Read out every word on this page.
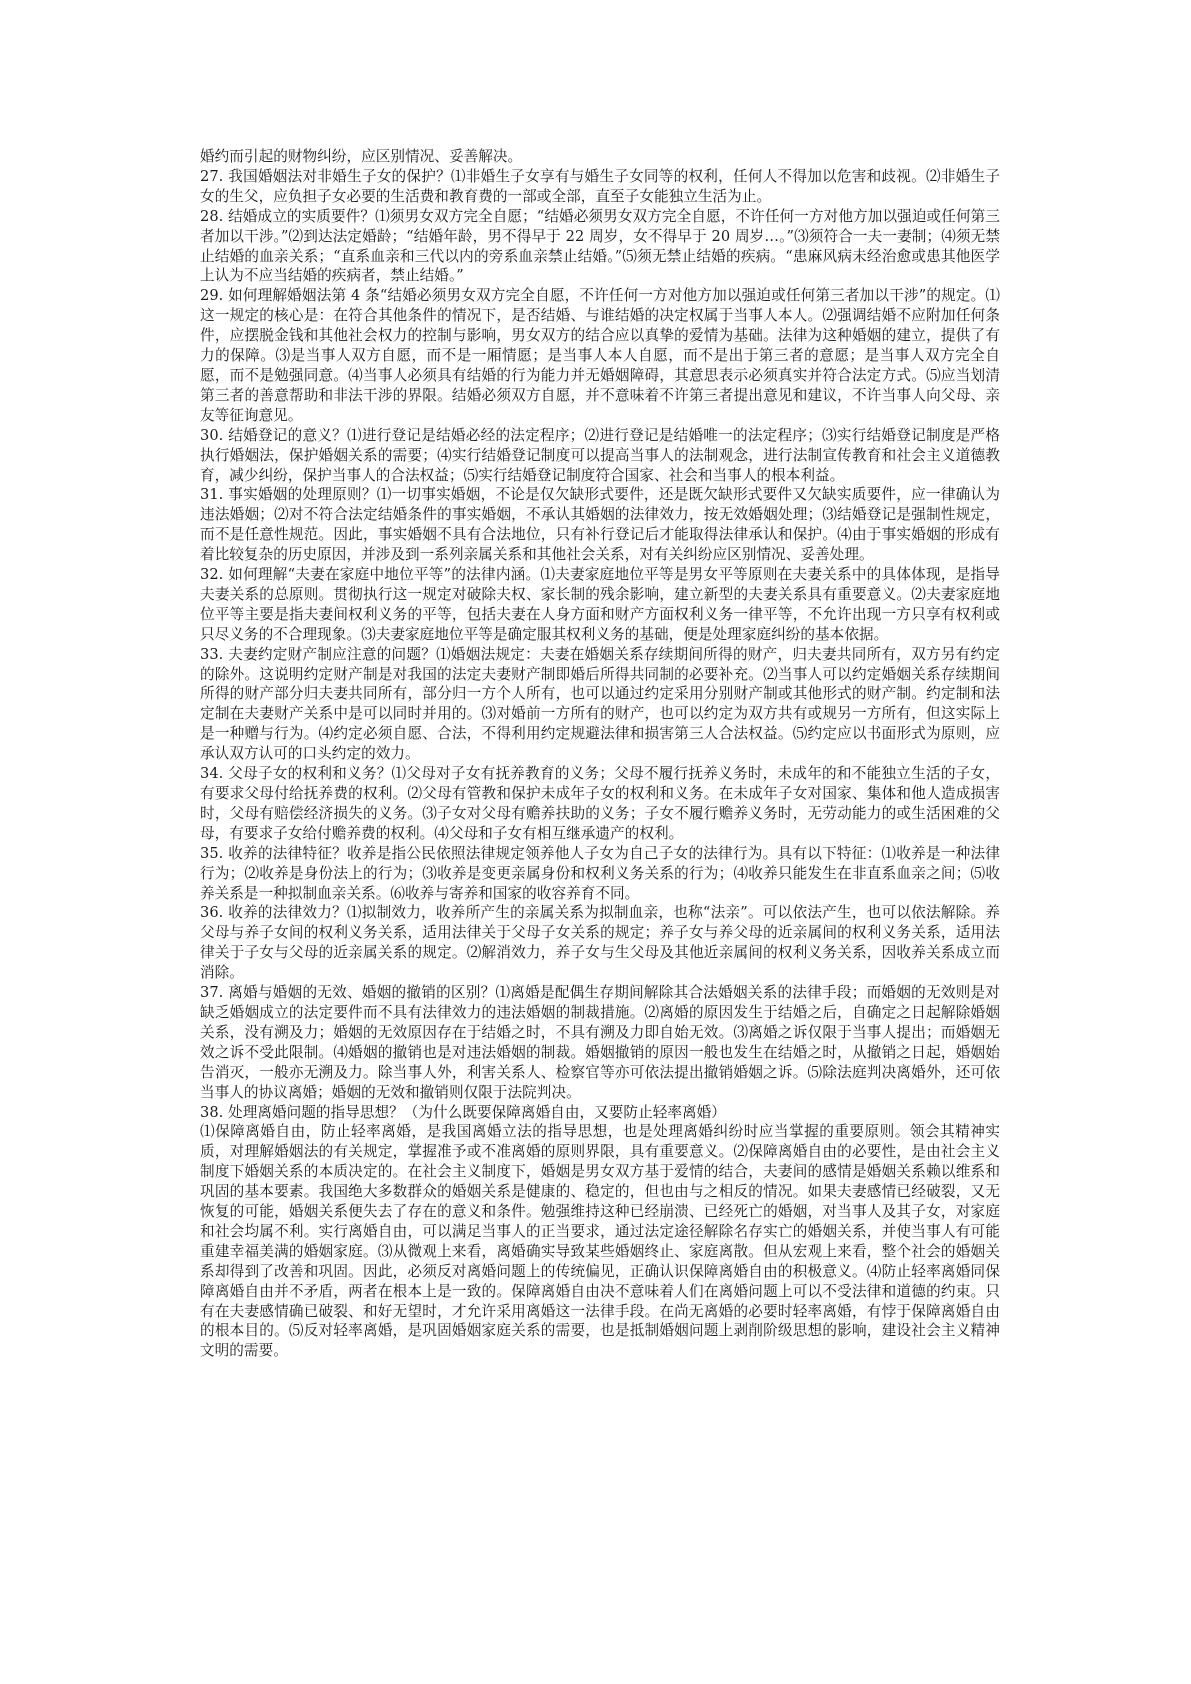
婚约而引起的财物纠纷，应区别情况、妥善解决。

27. 我国婚姻法对非婚生子女的保护？⑴非婚生子女享有与婚生子女同等的权利，任何人不得加以危害和歧视。⑵非婚生子女的生父，应负担子女必要的生活费和教育费的一部或全部，直至子女能独立生活为止。

28. 结婚成立的实质要件？⑴须男女双方完全自愿；“结婚必须男女双方完全自愿，不许任何一方对他方加以强迫或任何第三者加以干涉。”⑵到达法定婚龄；“结婚年龄，男不得早于 22 周岁，女不得早于 20 周岁…。”⑶须符合一夫一妻制；⑷须无禁止结婚的血亲关系；“直系血亲和三代以内的旁系血亲禁止结婚。”⑸须无禁止结婚的疾病。“患麻风病未经治愈或患其他医学上认为不应当结婚的疾病者，禁止结婚。”

29. 如何理解婚姻法第 4 条“结婚必须男女双方完全自愿，不许任何一方对他方加以强迫或任何第三者加以干涉”的规定。⑴这一规定的核心是：在符合其他条件的情况下，是否结婚、与谁结婚的决定权属于当事人本人。⑵强调结婚不应附加任何条件，应摆脱金钱和其他社会权力的控制与影响，男女双方的结合应以真挚的爱情为基础。法律为这种婚姻的建立，提供了有力的保障。⑶是当事人双方自愿，而不是一厢情愿；是当事人本人自愿，而不是出于第三者的意愿；是当事人双方完全自愿，而不是勉强同意。⑷当事人必须具有结婚的行为能力并无婚姻障碍，其意思表示必须真实并符合法定方式。⑸应当划清第三者的善意帮助和非法干涉的界限。结婚必须双方自愿，并不意味着不许第三者提出意见和建议，不许当事人向父母、亲友等征询意见。

30. 结婚登记的意义？⑴进行登记是结婚必经的法定程序；⑵进行登记是结婚唯一的法定程序；⑶实行结婚登记制度是严格执行婚姻法，保护婚姻关系的需要；⑷实行结婚登记制度可以提高当事人的法制观念，进行法制宣传教育和社会主义道德教育，减少纠纷，保护当事人的合法权益；⑸实行结婚登记制度符合国家、社会和当事人的根本利益。

31. 事实婚姻的处理原则？⑴一切事实婚姻，不论是仅欠缺形式要件，还是既欠缺形式要件又欠缺实质要件，应一律确认为违法婚姻；⑵对不符合法定结婚条件的事实婚姻，不承认其婚姻的法律效力，按无效婚姻处理；⑶结婚登记是强制性规定，而不是任意性规范。因此，事实婚姻不具有合法地位，只有补行登记后才能取得法律承认和保护。⑷由于事实婚姻的形成有着比较复杂的历史原因，并涉及到一系列亲属关系和其他社会关系，对有关纠纷应区别情况、妥善处理。

32. 如何理解“夫妻在家庭中地位平等”的法律内涵。⑴夫妻家庭地位平等是男女平等原则在夫妻关系中的具体体现，是指导夫妻关系的总原则。贯彻执行这一规定对破除夫权、家长制的残余影响，建立新型的夫妻关系具有重要意义。⑵夫妻家庭地位平等主要是指夫妻间权利义务的平等，包括夫妻在人身方面和财产方面权利义务一律平等，不允许出现一方只享有权利或只尽义务的不合理现象。⑶夫妻家庭地位平等是确定服其权利义务的基础，便是处理家庭纠纷的基本依据。

33. 夫妻约定财产制应注意的问题？⑴婚姻法规定：夫妻在婚姻关系存续期间所得的财产，归夫妻共同所有，双方另有约定的除外。这说明约定财产制是对我国的法定夫妻财产制即婚后所得共同制的必要补充。⑵当事人可以约定婚姻关系存续期间所得的财产部分归夫妻共同所有，部分归一方个人所有，也可以通过约定采用分别财产制或其他形式的财产制。约定制和法定制在夫妻财产关系中是可以同时并用的。⑶对婚前一方所有的财产，也可以约定为双方共有或规另一方所有，但这实际上是一种赠与行为。⑷约定必须自愿、合法，不得利用约定规避法律和损害第三人合法权益。⑸约定应以书面形式为原则，应承认双方认可的口头约定的效力。

34. 父母子女的权利和义务？⑴父母对子女有抚养教育的义务；父母不履行抚养义务时，未成年的和不能独立生活的子女，有要求父母付给抚养费的权利。⑵父母有管教和保护未成年子女的权利和义务。在未成年子女对国家、集体和他人造成损害时，父母有赔偿经济损失的义务。⑶子女对父母有赡养扶助的义务；子女不履行赡养义务时，无劳动能力的或生活困难的父母，有要求子女给付赡养费的权利。⑷父母和子女有相互继承遗产的权利。

35. 收养的法律特征？收养是指公民依照法律规定领养他人子女为自己子女的法律行为。具有以下特征：⑴收养是一种法律行为；⑵收养是身份法上的行为；⑶收养是变更亲属身份和权利义务关系的行为；⑷收养只能发生在非直系血亲之间；⑸收养关系是一种拟制血亲关系。⑹收养与寄养和国家的收容养育不同。

36. 收养的法律效力？⑴拟制效力，收养所产生的亲属关系为拟制血亲，也称“法亲”。可以依法产生，也可以依法解除。养父母与养子女间的权利义务关系，适用法律关于父母子女关系的规定；养子女与养父母的近亲属间的权利义务关系，适用法律关于子女与父母的近亲属关系的规定。⑵解消效力，养子女与生父母及其他近亲属间的权利义务关系，因收养关系成立而消除。

37. 离婚与婚姻的无效、婚姻的撤销的区别？⑴离婚是配偶生存期间解除其合法婚姻关系的法律手段；而婚姻的无效则是对缺乏婚姻成立的法定要件而不具有法律效力的违法婚姻的制裁措施。⑵离婚的原因发生于结婚之后，自确定之日起解除婚姻关系，没有溯及力；婚姻的无效原因存在于结婚之时，不具有溯及力即自始无效。⑶离婚之诉仅限于当事人提出；而婚姻无效之诉不受此限制。⑷婚姻的撤销也是对违法婚姻的制裁。婚姻撤销的原因一般也发生在结婚之时，从撤销之日起，婚姻始告消灭，一般亦无溯及力。除当事人外，利害关系人、检察官等亦可依法提出撤销婚姻之诉。⑸除法庭判决离婚外，还可依当事人的协议离婚；婚姻的无效和撤销则仅限于法院判决。

38. 处理离婚问题的指导思想？（为什么既要保障离婚自由，又要防止轻率离婚）

⑴保障离婚自由，防止轻率离婚，是我国离婚立法的指导思想，也是处理离婚纠纷时应当掌握的重要原则。领会其精神实质，对理解婚姻法的有关规定，掌握准予或不准离婚的原则界限，具有重要意义。⑵保障离婚自由的必要性，是由社会主义制度下婚姻关系的本质决定的。在社会主义制度下，婚姻是男女双方基于爱情的结合，夫妻间的感情是婚姻关系赖以维系和巩固的基本要素。我国绝大多数群众的婚姻关系是健康的、稳定的，但也由与之相反的情况。如果夫妻感情已经破裂，又无恢复的可能，婚姻关系便失去了存在的意义和条件。勉强维持这种已经崩溃、已经死亡的婚姻，对当事人及其子女，对家庭和社会均属不利。实行离婚自由，可以满足当事人的正当要求，通过法定途径解除名存实亡的婚姻关系，并使当事人有可能重建幸福美满的婚姻家庭。⑶从微观上来看，离婚确实导致某些婚姻终止、家庭离散。但从宏观上来看，整个社会的婚姻关系却得到了改善和巩固。因此，必须反对离婚问题上的传统偏见，正确认识保障离婚自由的积极意义。⑷防止轻率离婚同保障离婚自由并不矛盾，两者在根本上是一致的。保障离婚自由决不意味着人们在离婚问题上可以不受法律和道德的约束。只有在夫妻感情确已破裂、和好无望时，才允许采用离婚这一法律手段。在尚无离婚的必要时轻率离婚，有悖于保障离婚自由的根本目的。⑸反对轻率离婚，是巩固婚姻家庭关系的需要，也是抵制婚姻问题上剥削阶级思想的影响，建设社会主义精神文明的需要。
